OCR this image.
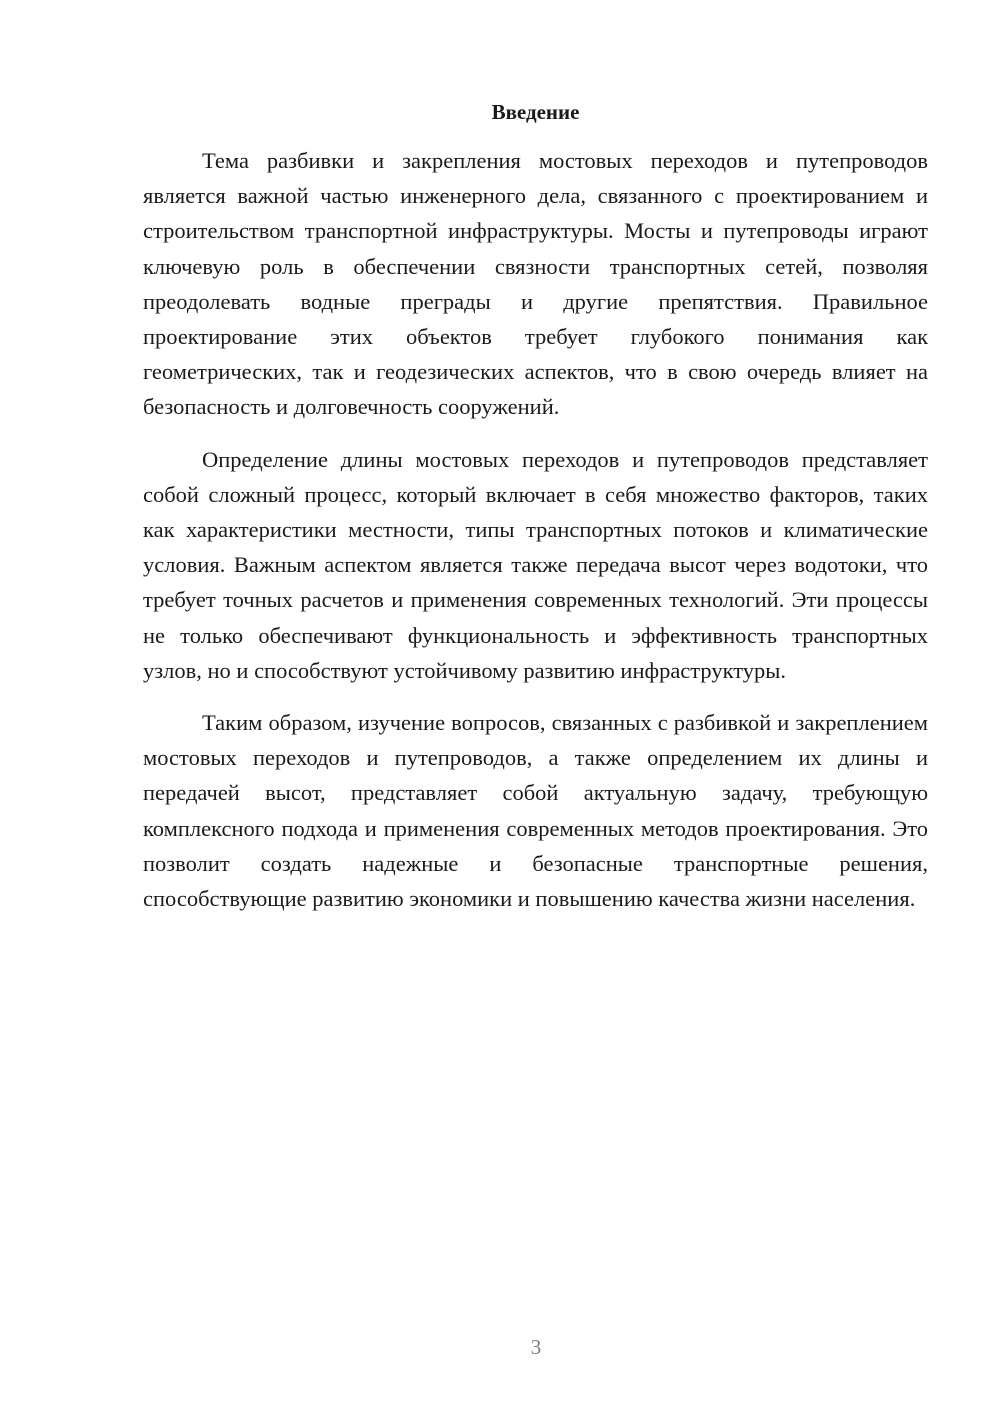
Введение

Тема разбивки и закрепления мостовых переходов и путепроводов является важной частью инженерного дела, связанного с проектированием и строительством транспортной инфраструктуры. Мосты и путепроводы играют ключевую роль в обеспечении связности транспортных сетей, позволяя преодолевать водные преграды и другие препятствия. Правильное проектирование этих объектов требует глубокого понимания как геометрических, так и геодезических аспектов, что в свою очередь влияет на безопасность и долговечность сооружений.

Определение длины мостовых переходов и путепроводов представляет собой сложный процесс, который включает в себя множество факторов, таких как характеристики местности, типы транспортных потоков и климатические условия. Важным аспектом является также передача высот через водотоки, что требует точных расчетов и применения современных технологий. Эти процессы не только обеспечивают функциональность и эффективность транспортных узлов, но и способствуют устойчивому развитию инфраструктуры.

Таким образом, изучение вопросов, связанных с разбивкой и закреплением мостовых переходов и путепроводов, а также определением их длины и передачей высот, представляет собой актуальную задачу, требующую комплексного подхода и применения современных методов проектирования. Это позволит создать надежные и безопасные транспортные решения, способствующие развитию экономики и повышению качества жизни населения.

3
